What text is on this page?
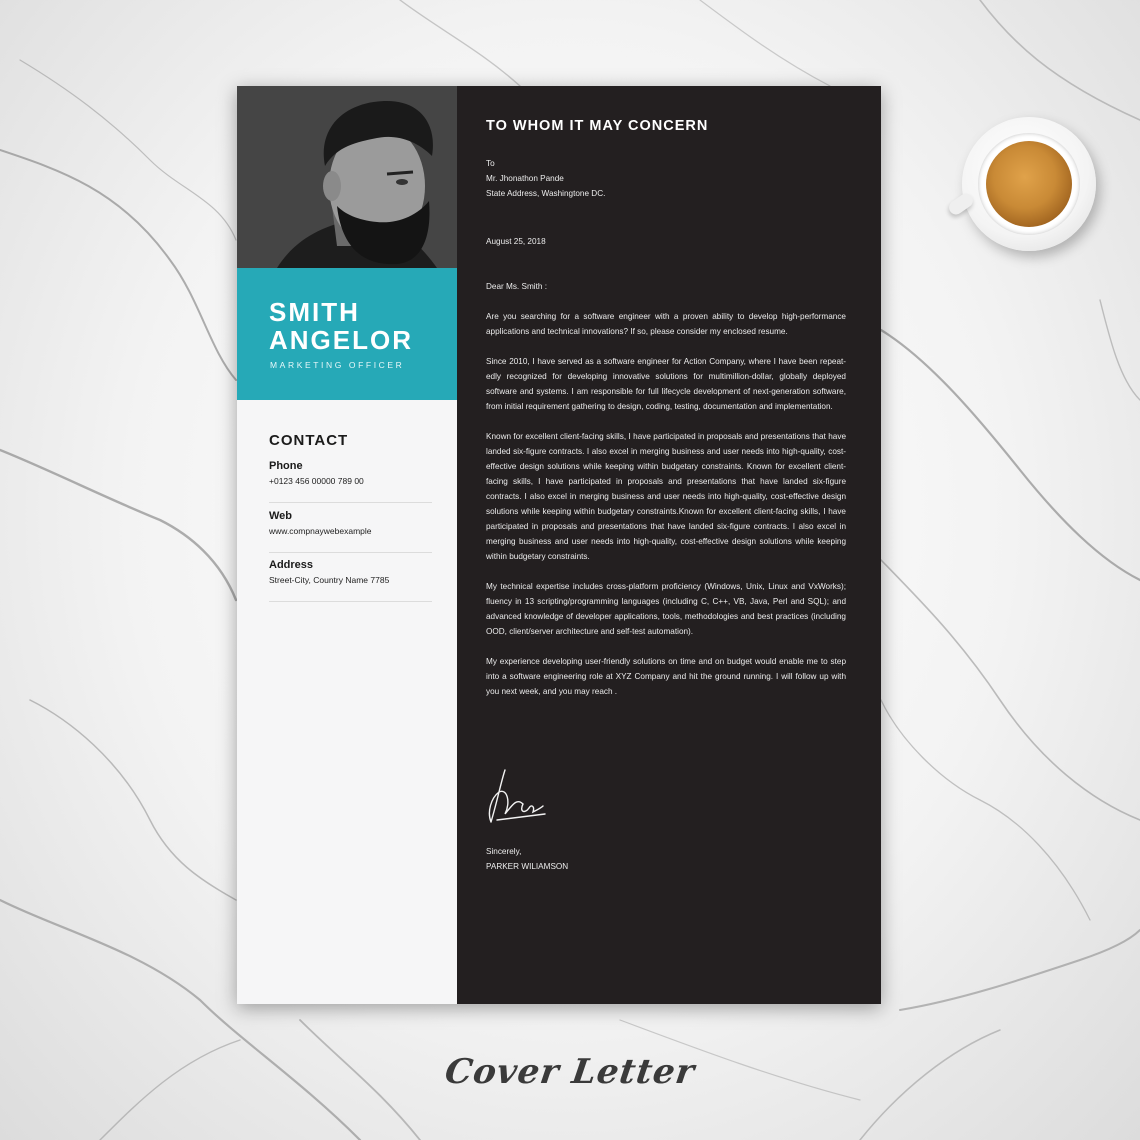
SMITH
ANGELOR
MARKETING OFFICER
CONTACT
Phone
+0123 456 00000 789 00
Web
www.compnaywebexample
Address
Street-City, Country Name 7785
TO WHOM IT MAY CONCERN
To
Mr. Jhonathon Pande
State Address, Washingtone DC.
August 25, 2018
Dear Ms. Smith :
Are you searching for a software engineer with a proven ability to develop high-performance applications and technical innovations? If so, please consider my enclosed resume.
Since 2010, I have served as a software engineer for Action Company, where I have been repeat-edly recognized for developing innovative solutions for multimillion-dollar, globally deployed software and systems. I am responsible for full lifecycle development of next-generation software, from initial requirement gathering to design, coding, testing, documentation and implementation.
Known for excellent client-facing skills, I have participated in proposals and presentations that have landed six-figure contracts. I also excel in merging business and user needs into high-quality, cost-effective design solutions while keeping within budgetary constraints. Known for excellent client-facing skills, I have participated in proposals and presentations that have landed six-figure contracts. I also excel in merging business and user needs into high-quality, cost-effective design solutions while keeping within budgetary constraints.Known for excellent client-facing skills, I have participated in proposals and presentations that have landed six-figure contracts. I also excel in merging business and user needs into high-quality, cost-effective design solutions while keeping within budgetary constraints.
My technical expertise includes cross-platform proficiency (Windows, Unix, Linux and VxWorks); fluency in 13 scripting/programming languages (including C, C++, VB, Java, Perl and SQL); and advanced knowledge of developer applications, tools, methodologies and best practices (including OOD, client/server architecture and self-test automation).
My experience developing user-friendly solutions on time and on budget would enable me to step into a software engineering role at XYZ Company and hit the ground running. I will follow up with you next week, and you may reach .
Sincerely,
PARKER WILIAMSON
Cover Letter
